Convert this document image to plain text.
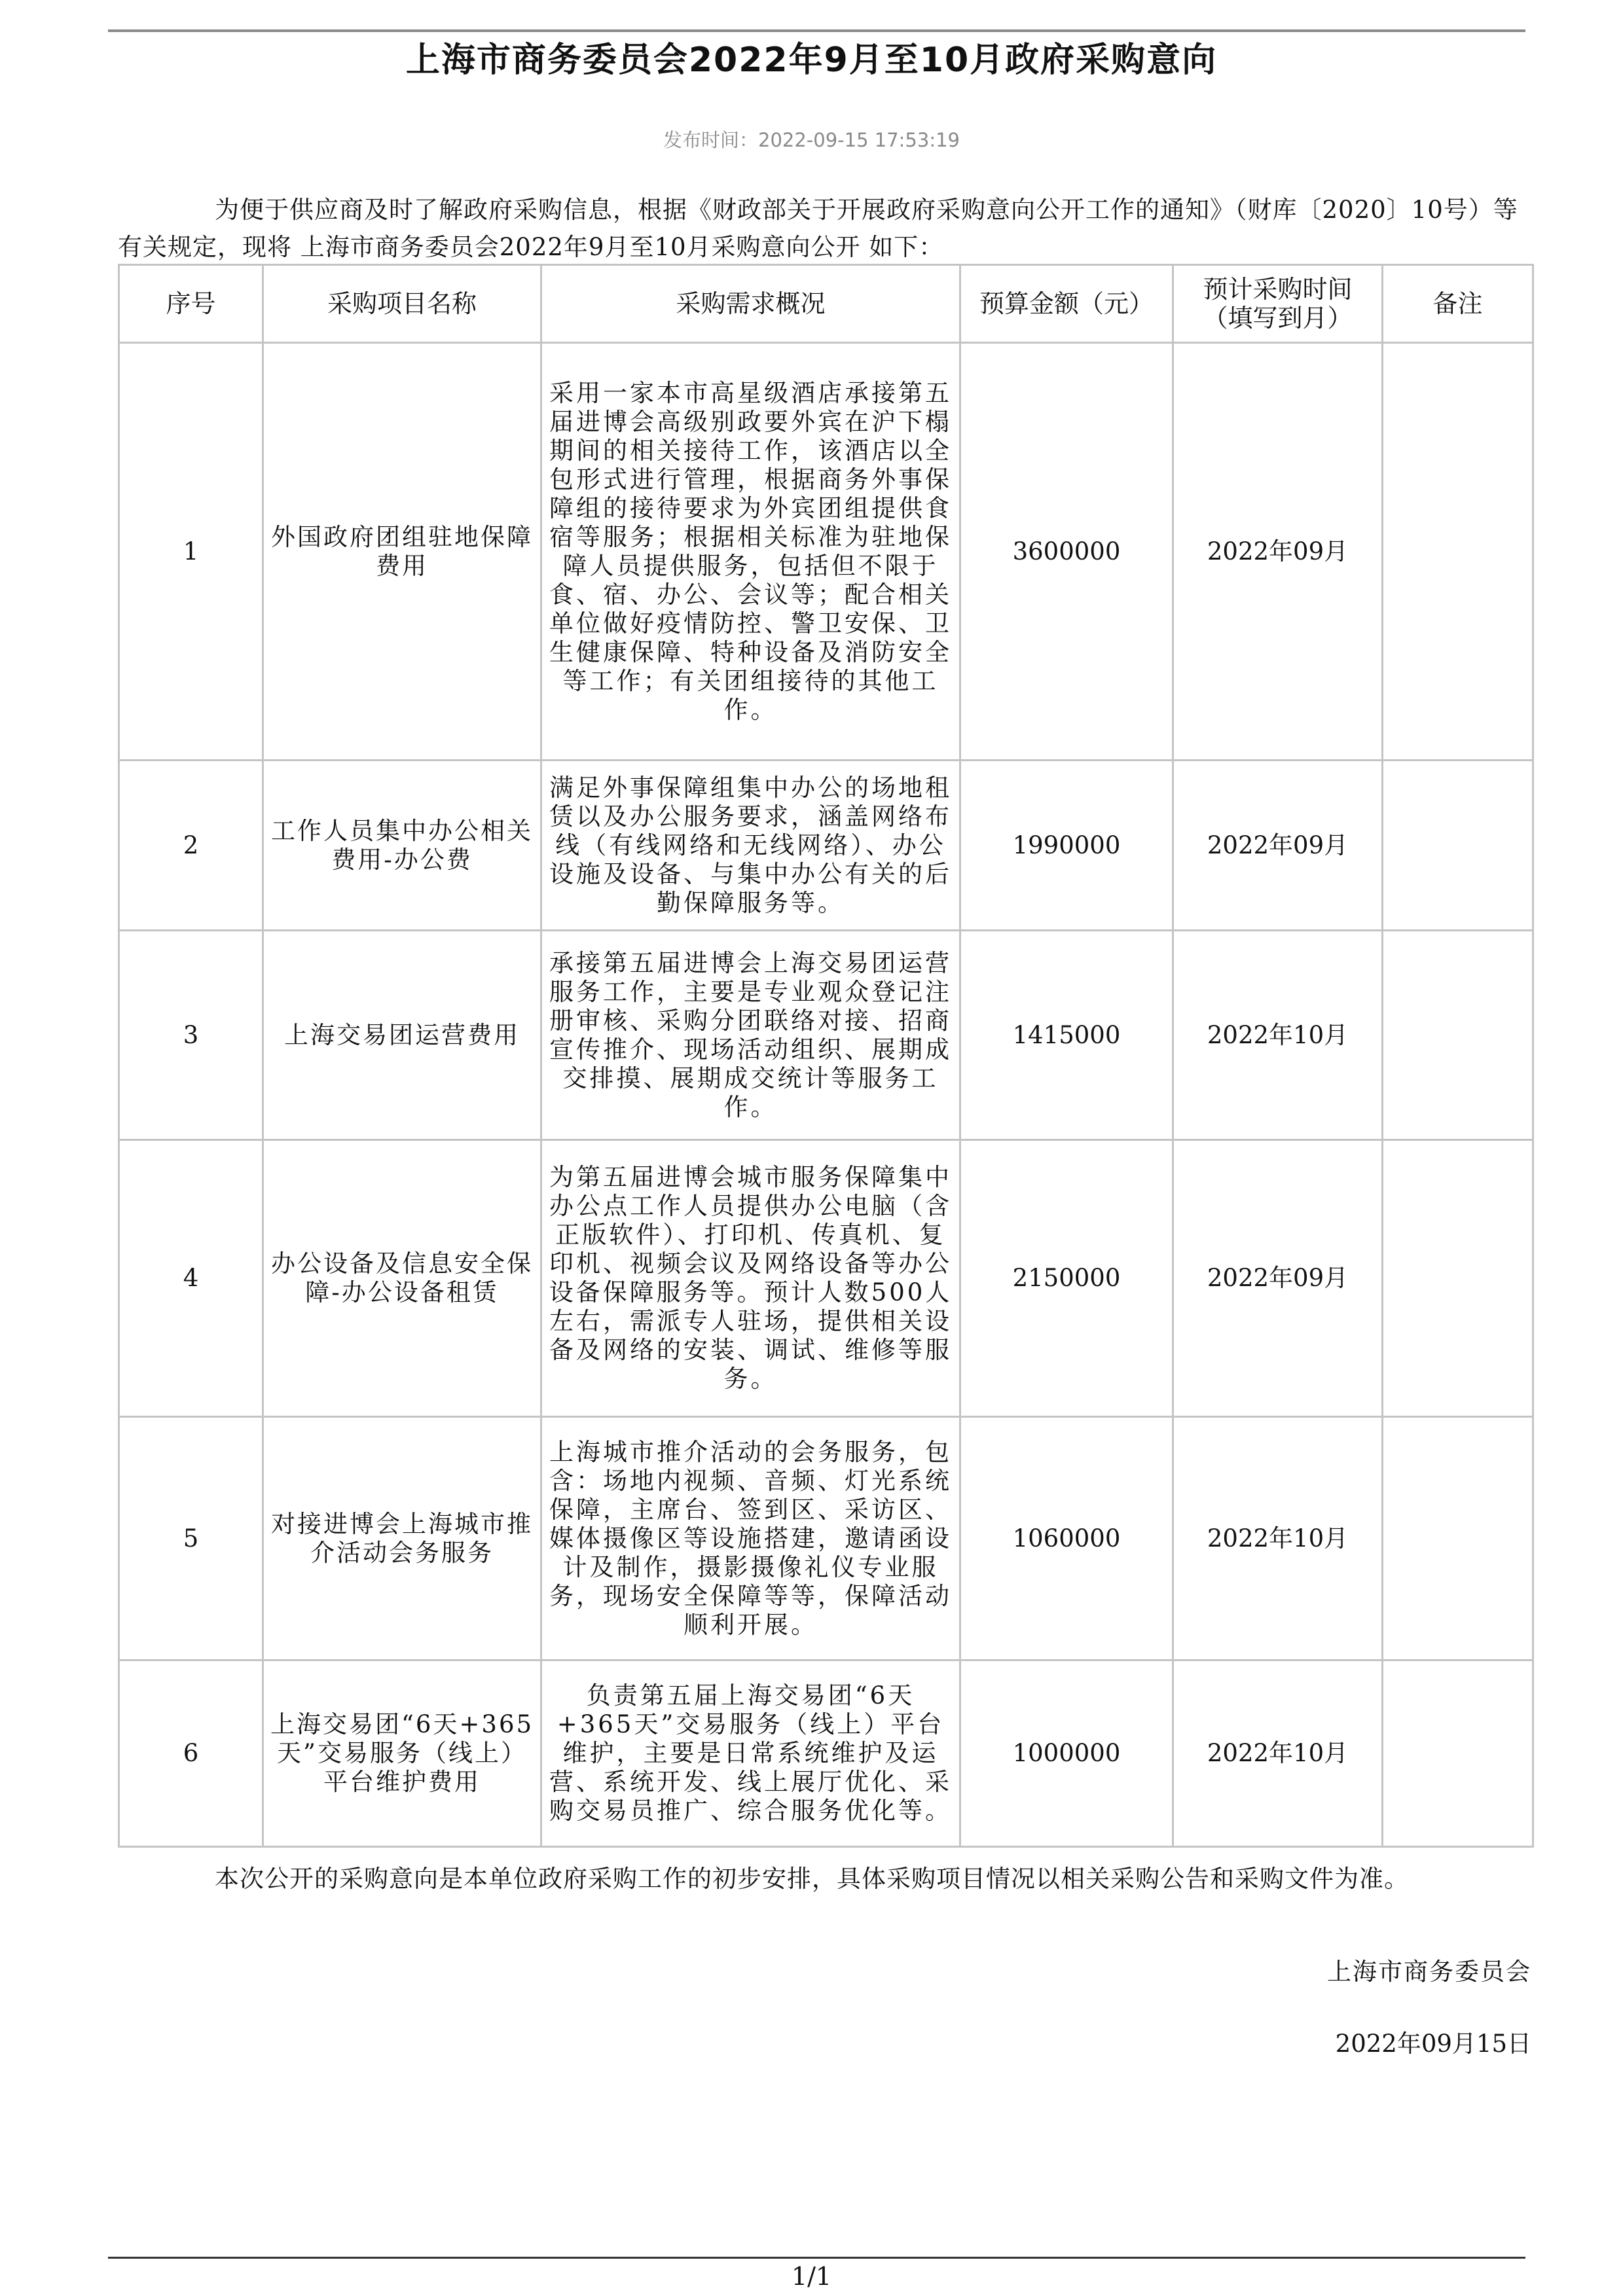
上海市商务委员会2022年9月至10月政府采购意向
发布时间：2022-09-15 17:53:19

为便于供应商及时了解政府采购信息，根据《财政部关于开展政府采购意向公开工作的通知》（财库〔2020〕10号）等有关规定，现将 上海市商务委员会2022年9月至10月采购意向公开 如下：

序号	采购项目名称	采购需求概况	预算金额（元）	预计采购时间（填写到月）	备注
1	外国政府团组驻地保障费用	采用一家本市高星级酒店承接第五届进博会高级别政要外宾在沪下榻期间的相关接待工作，该酒店以全包形式进行管理，根据商务外事保障组的接待要求为外宾团组提供食宿等服务；根据相关标准为驻地保障人员提供服务，包括但不限于食、宿、办公、会议等；配合相关单位做好疫情防控、警卫安保、卫生健康保障、特种设备及消防安全等工作；有关团组接待的其他工作。	3600000	2022年09月	
2	工作人员集中办公相关费用-办公费	满足外事保障组集中办公的场地租赁以及办公服务要求，涵盖网络布线（有线网络和无线网络）、办公设施及设备、与集中办公有关的后勤保障服务等。	1990000	2022年09月	
3	上海交易团运营费用	承接第五届进博会上海交易团运营服务工作，主要是专业观众登记注册审核、采购分团联络对接、招商宣传推介、现场活动组织、展期成交排摸、展期成交统计等服务工作。	1415000	2022年10月	
4	办公设备及信息安全保障-办公设备租赁	为第五届进博会城市服务保障集中办公点工作人员提供办公电脑（含正版软件）、打印机、传真机、复印机、视频会议及网络设备等办公设备保障服务等。预计人数500人左右，需派专人驻场，提供相关设备及网络的安装、调试、维修等服务。	2150000	2022年09月	
5	对接进博会上海城市推介活动会务服务	上海城市推介活动的会务服务，包含：场地内视频、音频、灯光系统保障，主席台、签到区、采访区、媒体摄像区等设施搭建，邀请函设计及制作，摄影摄像礼仪专业服务，现场安全保障等等，保障活动顺利开展。	1060000	2022年10月	
6	上海交易团“6天+365天”交易服务（线上）平台维护费用	负责第五届上海交易团“6天+365天”交易服务（线上）平台维护，主要是日常系统维护及运营、系统开发、线上展厅优化、采购交易员推广、综合服务优化等。	1000000	2022年10月	

本次公开的采购意向是本单位政府采购工作的初步安排，具体采购项目情况以相关采购公告和采购文件为准。

上海市商务委员会
2022年09月15日
1/1
